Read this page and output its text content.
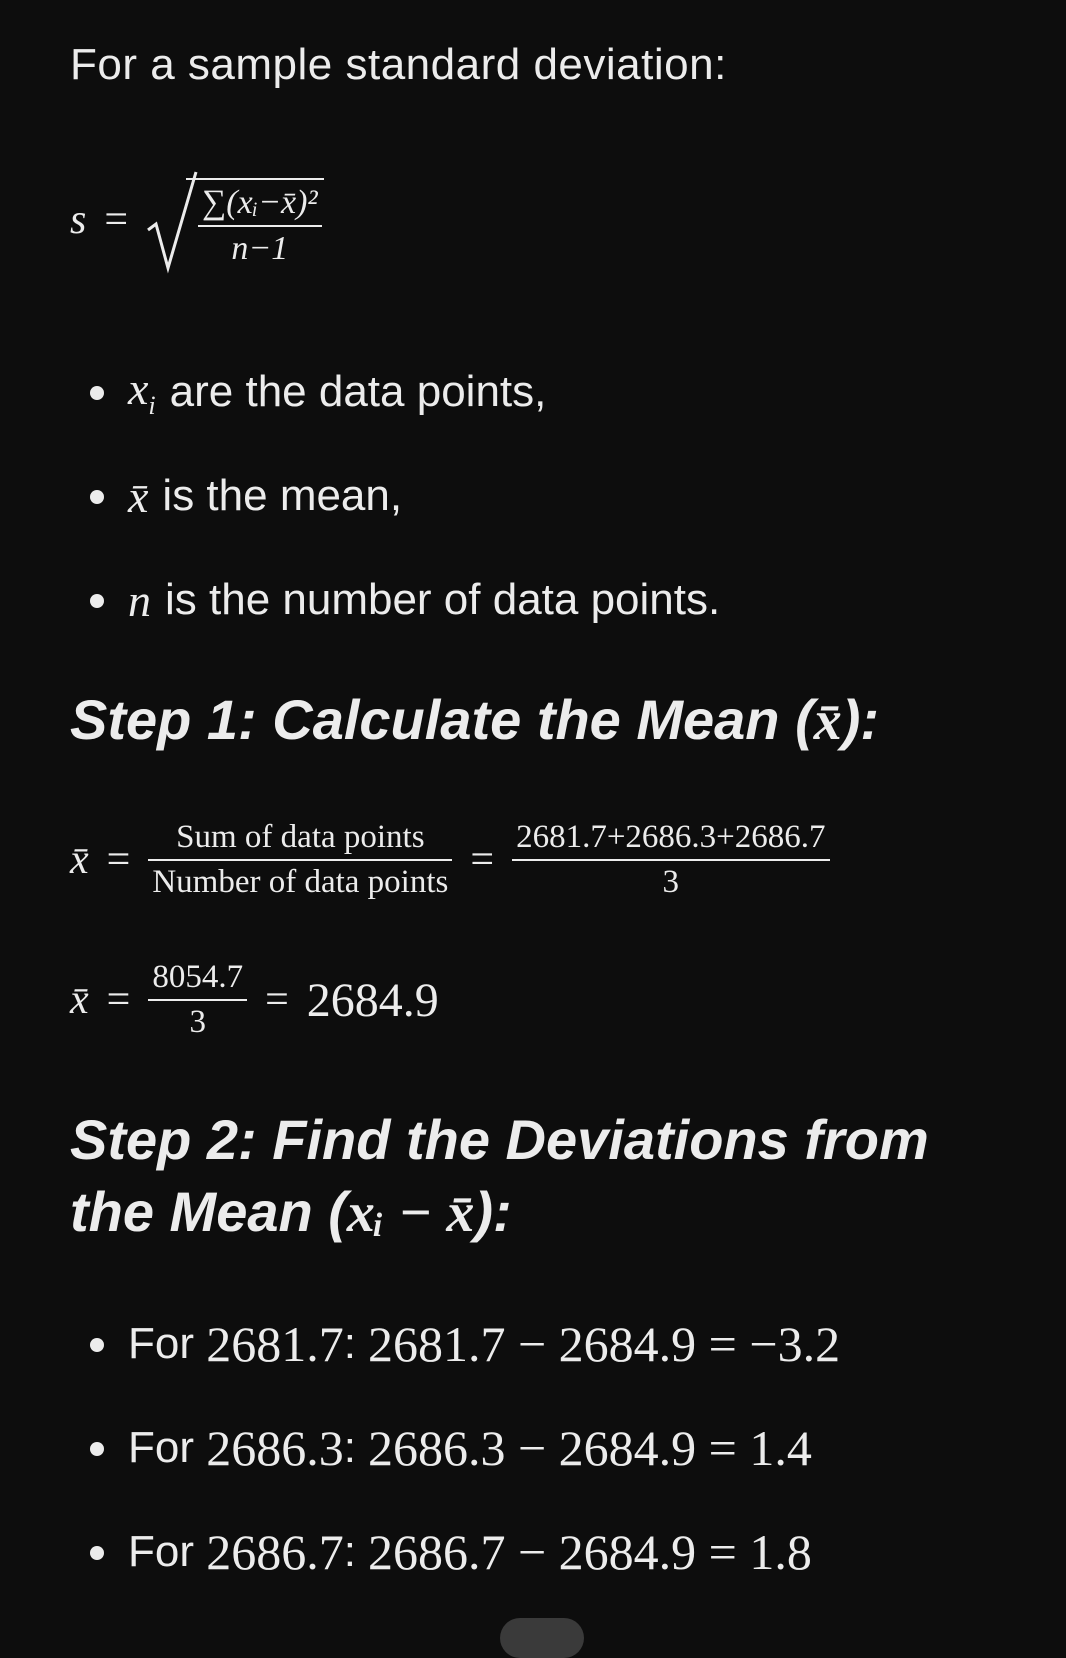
For a sample standard deviation:
$s = \frac{\text{∑(xᵢ−x̄)²}}{n-1}$
$x_i$ are the data points,
x̄ is the mean,
n is the number of data points.
Step 1: Calculate the Mean (x̄):
x̄ = $\frac{\text{Sum of data points}}{\text{Number of data points}} = \frac{2681.7+2686.3+2686.7}{3}$
x̄ = $\frac{8054.7}{3} = 2684.9$
Step 2: Find the Deviations from the Mean (xᵢ − x̄):
For
2681.7 : 2681.7 − 2684.9 = −3.2
For
2686.3 : 2686.3 − 2684.9 = 1.4
For
2686.7 : 2686.7 − 2684.9 = 1.8
